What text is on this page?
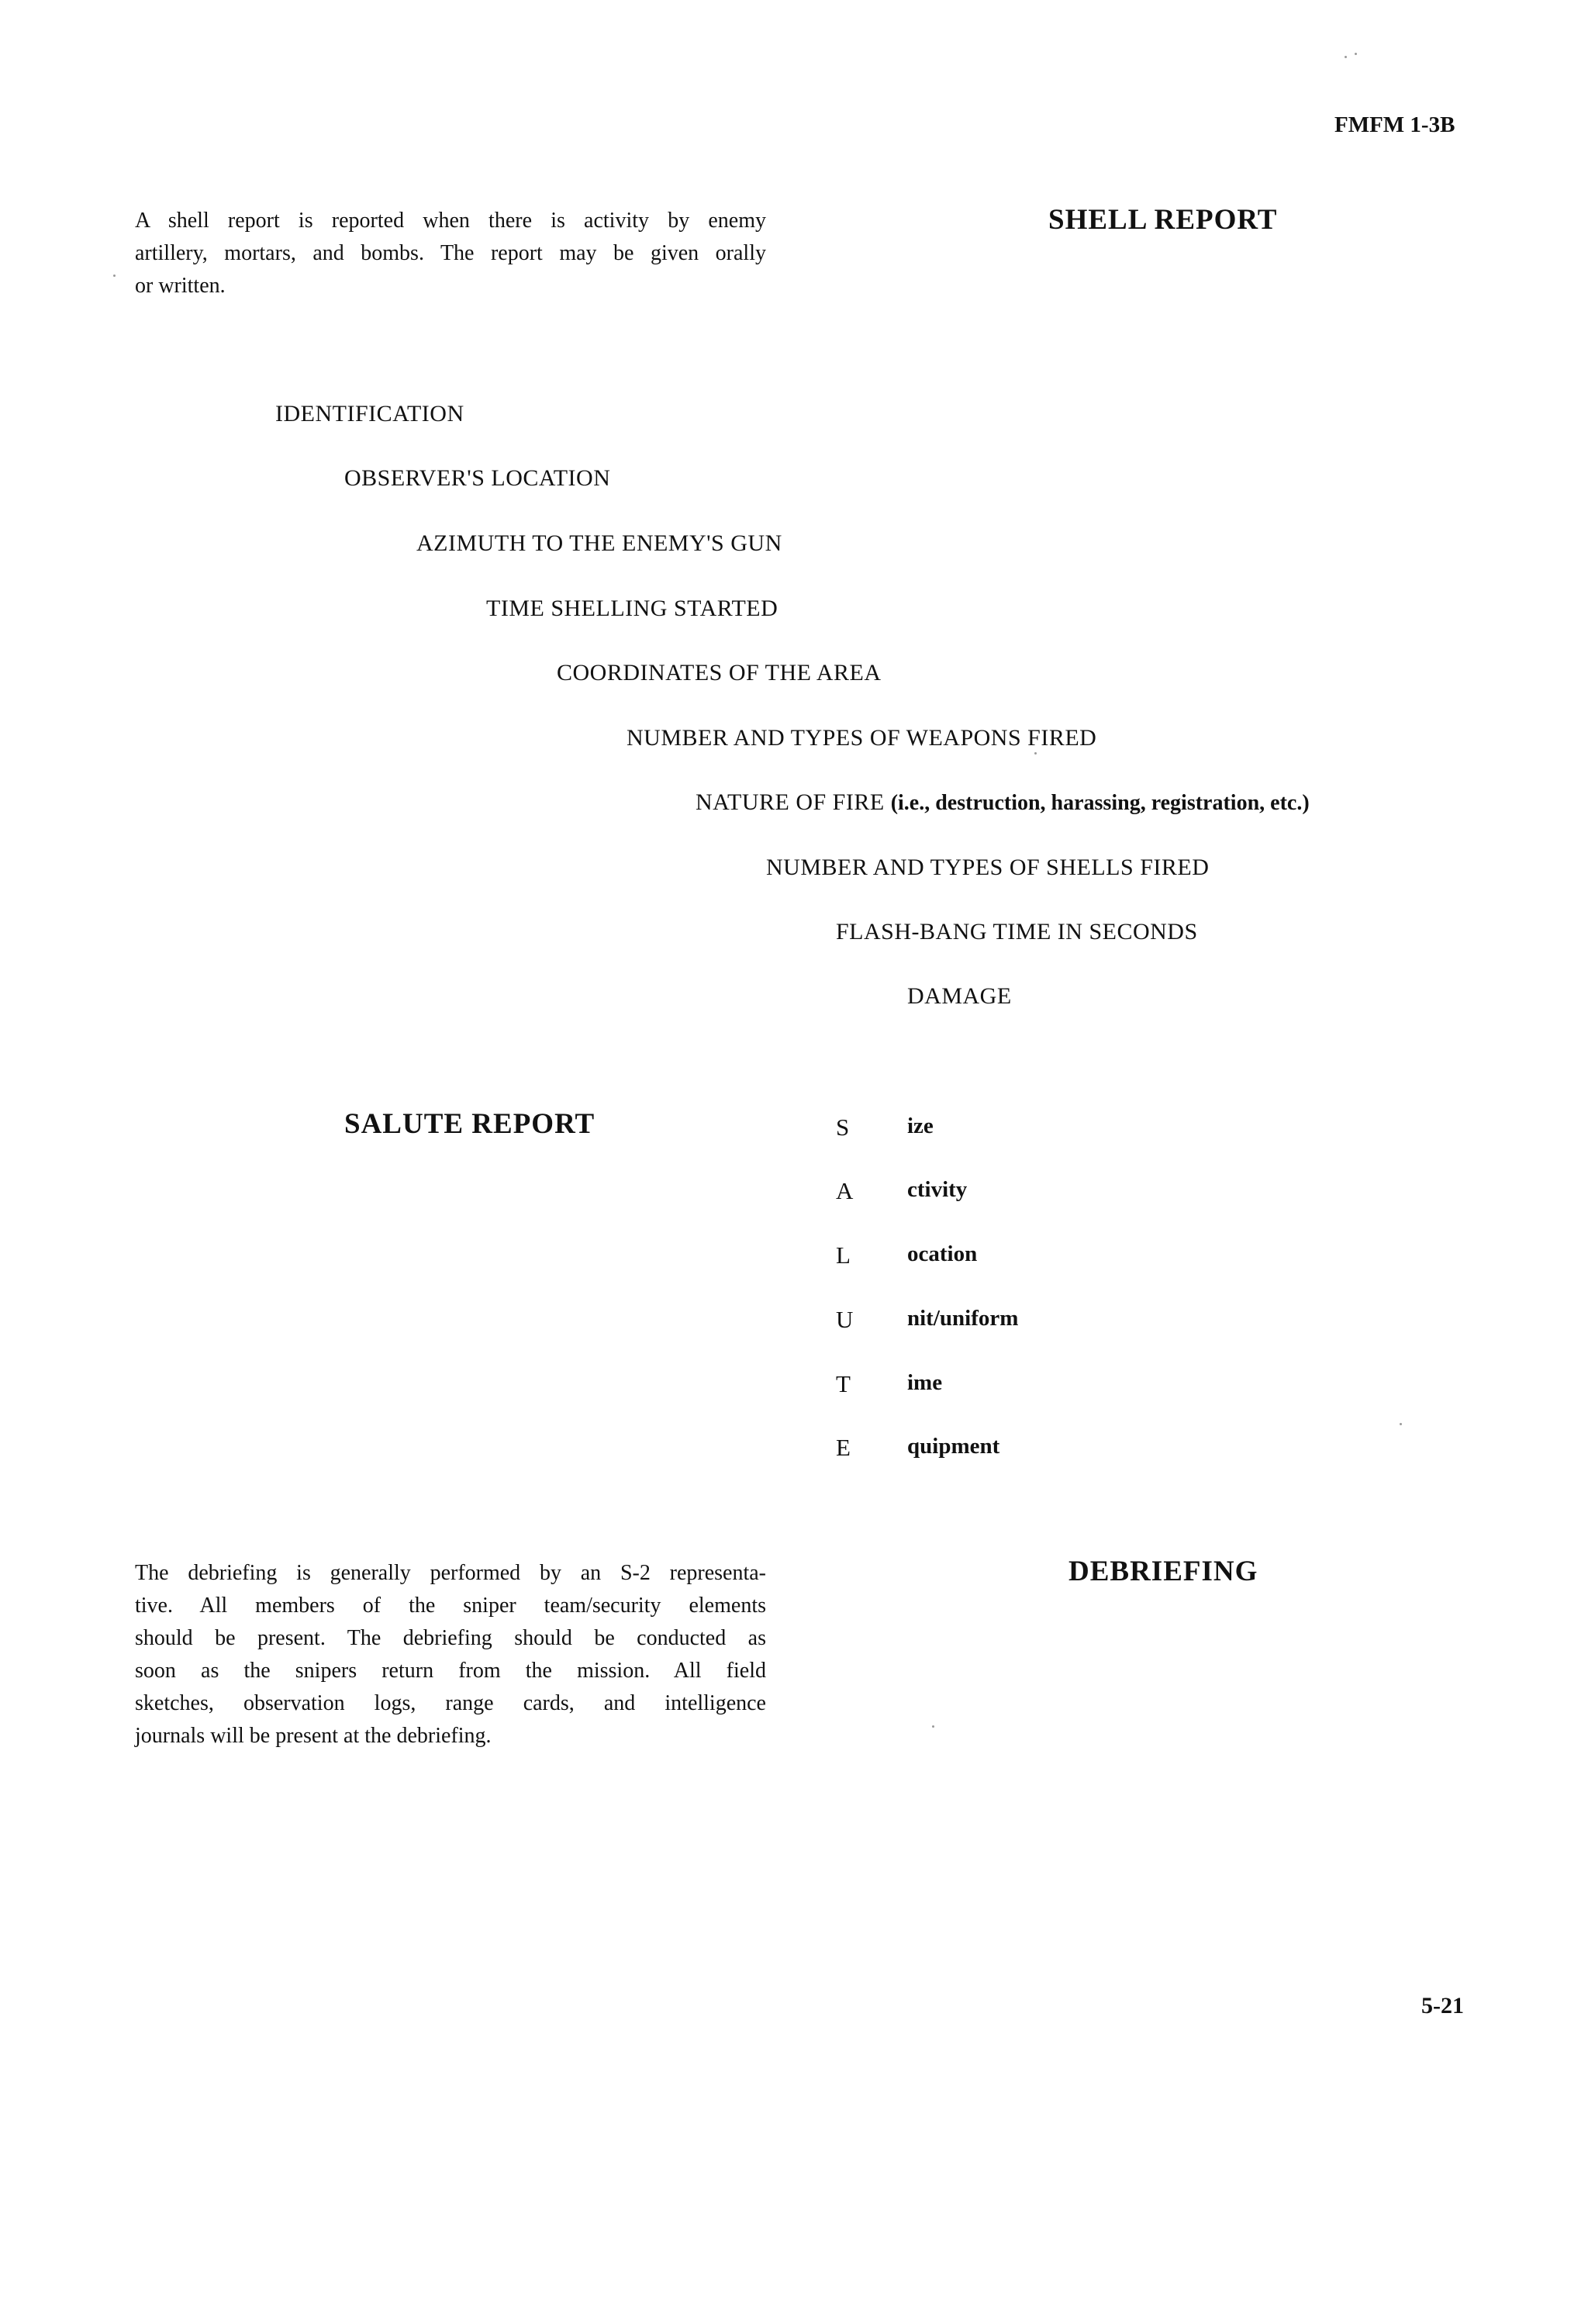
FMFM 1-3B
A shell report is reported when there is activity by enemy
artillery, mortars, and bombs. The report may be given orally
or written.
SHELL REPORT
IDENTIFICATION
OBSERVER'S LOCATION
AZIMUTH TO THE ENEMY'S GUN
TIME SHELLING STARTED
COORDINATES OF THE AREA
NUMBER AND TYPES OF WEAPONS FIRED
NATURE OF FIRE (i.e., destruction, harassing, registration, etc.)
NUMBER AND TYPES OF SHELLS FIRED
FLASH-BANG TIME IN SECONDS
DAMAGE
SALUTE REPORT	S	ize
A ctivity
L	ocation
U nit/uniform
T	ime
E	quipment
The debriefing is generally performed by an S-2 representa-
tive. All members of the sniper team/security elements
should be present. The debriefing should be conducted as
soon as the snipers return from the mission. All field
sketches, observation logs, range cards, and intelligence
journals will be present at the debriefing.
DEBRIEFING
5-21
